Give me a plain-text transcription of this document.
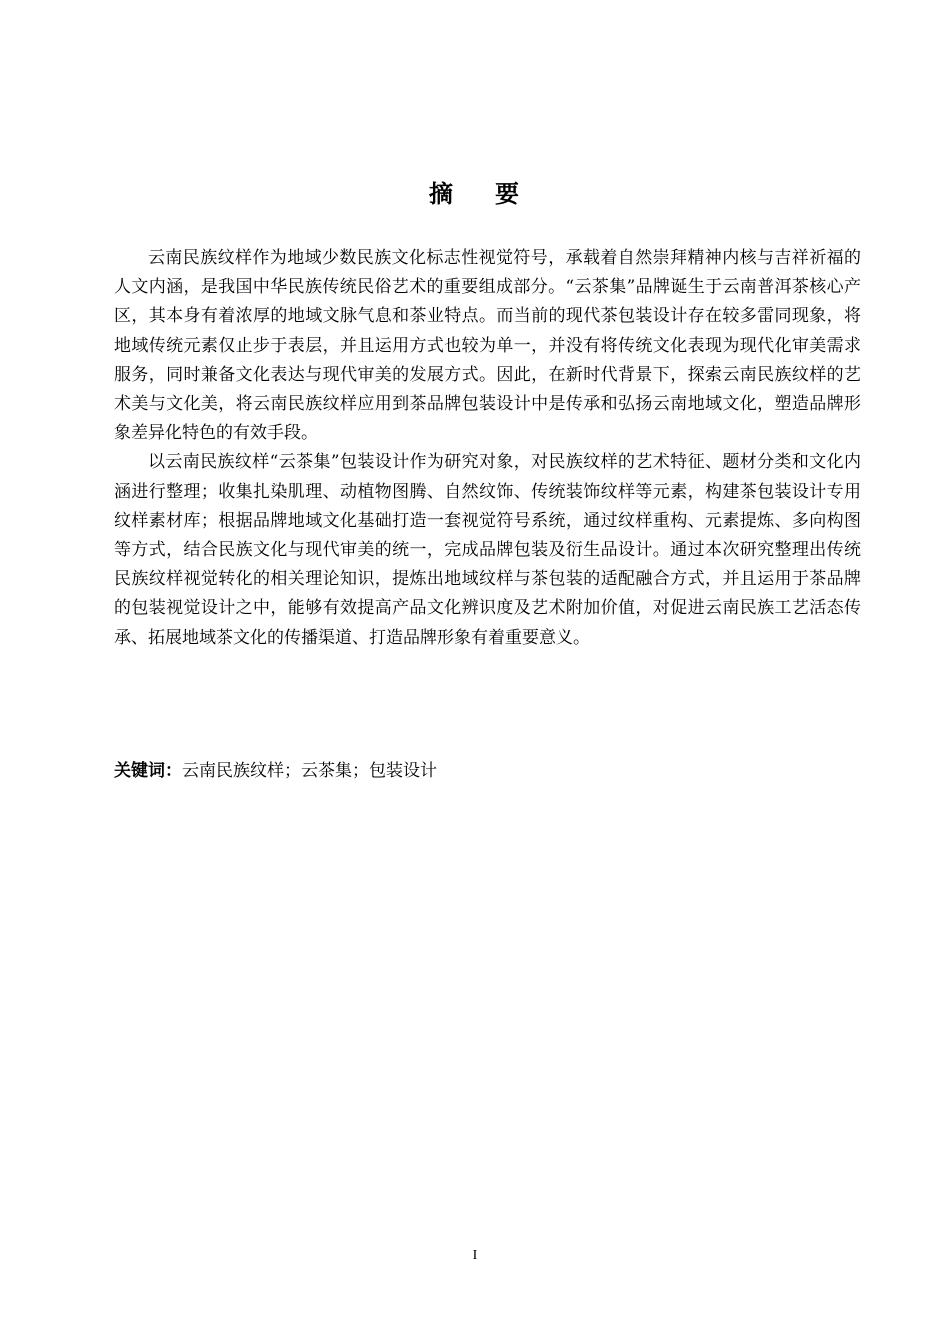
摘 要

云南民族纹样作为地域少数民族文化标志性视觉符号，承载着自然崇拜精神内核与吉祥祈福的人文内涵，是我国中华民族传统民俗艺术的重要组成部分。“云茶集”品牌诞生于云南普洱茶核心产区，其本身有着浓厚的地域文脉气息和茶业特点。而当前的现代茶包装设计存在较多雷同现象，将地域传统元素仅止步于表层，并且运用方式也较为单一，并没有将传统文化表现为现代化审美需求服务，同时兼备文化表达与现代审美的发展方式。因此，在新时代背景下，探索云南民族纹样的艺术美与文化美，将云南民族纹样应用到茶品牌包装设计中是传承和弘扬云南地域文化，塑造品牌形象差异化特色的有效手段。

以云南民族纹样“云茶集”包装设计作为研究对象，对民族纹样的艺术特征、题材分类和文化内涵进行整理；收集扎染肌理、动植物图腾、自然纹饰、传统装饰纹样等元素，构建茶包装设计专用纹样素材库；根据品牌地域文化基础打造一套视觉符号系统，通过纹样重构、元素提炼、多向构图等方式，结合民族文化与现代审美的统一，完成品牌包装及衍生品设计。通过本次研究整理出传统民族纹样视觉转化的相关理论知识，提炼出地域纹样与茶包装的适配融合方式，并且运用于茶品牌的包装视觉设计之中，能够有效提高产品文化辨识度及艺术附加价值，对促进云南民族工艺活态传承、拓展地域茶文化的传播渠道、打造品牌形象有着重要意义。

关键词：云南民族纹样；云茶集；包装设计
I
